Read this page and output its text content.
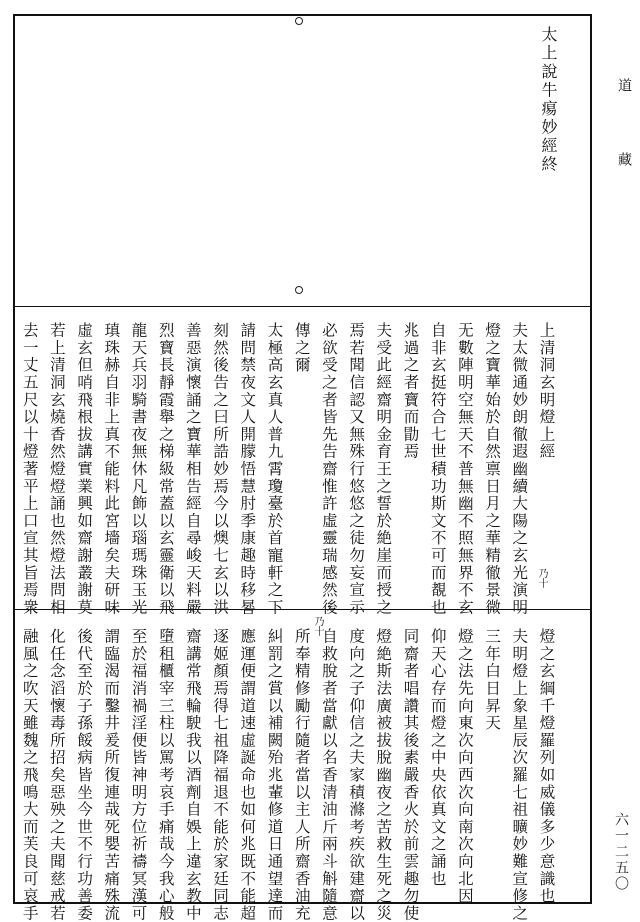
太上說牛痬妙經終
上清洞玄明燈上經
夫太微通妙朗徹遐幽續大陽之玄光演明
燈之寶華始於自然禀日月之華精徹景微
无數陣明空無天不普無幽不照無界不玄
自非玄挺符合七世積功斯文不可而覩也
兆過之者寶而勖焉
夫受此經齋明金育王之誓於絶崖而授之
焉若聞信認又無殊行悠悠之徒勿妄宣示
必欲受之者皆先告齋惟許虛靈瑞感然後
傳之爾
太極高玄真人普九霄瓊臺於首寵軒之下
請問禁夜文人開朦悟慧肘季康趣時移晷
刻然後告之曰所誥妙焉今以燠七玄以洪
善惡演懷誦之寶華相告經自尋峻天料嚴
烈寶長靜霞舉之梯級常蓋以玄靈衛以飛
龍天兵羽騎書夜無休凡飾以瑙瑪珠玉光
瑱珠赫自非上真不能料此宮墻矣夫研味
虛玄但哨飛根拔講實業興如齋謝叢謝莫
若上清洞玄燒香然燈燈誦也然燈法問相
去一丈五尺以十燈著平上口宣其旨焉衆	乃十
燈之玄綱千燈羅列如威儀多少意識也
夫明燈上象星辰次羅七祖曠妙難宣修之
三年白日昇天
燈之法先向東次向西次向南次向北因
仰天心存而燈之中央依真文之誦也
同齋者唱讚其後素嚴香火於前雲趣勿使
燈絶斯法廣被拔脫幽夜之苦救生死之災
度向之子仰信之夫家積滌考疾欲建齋以
自救脫者當獻以名香清油斤兩斗斛隨意
所奉精修勵行隨者當以主人所齋香油充
糾罰之賞以補闕殆兆輩修道日通望達而
應運便謂道速虛誕命也如何兆既不能超
逐姬顏焉得七祖降福退不能於家廷同志
齋講常飛輪駛我以酒劑自娛上違玄教中
墮租櫃宰三柱以罵考哀手痛哉今我心般
至於福消禍淫便皆神明方位祈禱冥漢可
謂臨渴而鑿井爰所復連哉死嬰苦痛殊流
後代至於子孫餒病皆坐今世不行功善委
化任念滔懷毒所招矣惡殃之夫聞慈戒若
融風之吹天雖魏之飛鳴大而芙良可哀手
乃十
道
藏
六一二五〇
